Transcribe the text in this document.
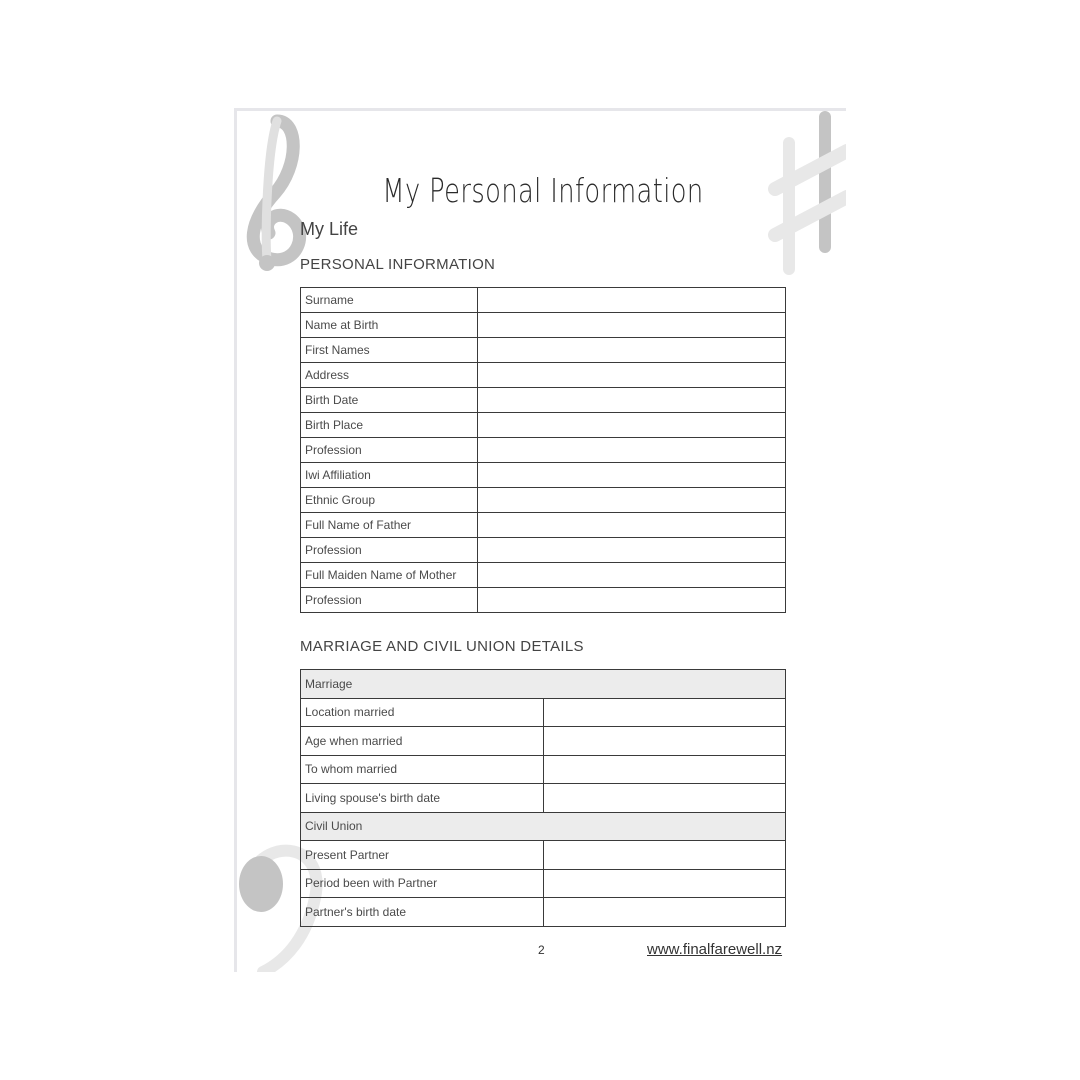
My Personal Information
My Life
PERSONAL INFORMATION
Surname	
Name at Birth	
First Names	
Address	
Birth Date	
Birth Place	
Profession	
Iwi Affiliation	
Ethnic Group	
Full Name of Father	
Profession	
Full Maiden Name of Mother	
Profession	
MARRIAGE AND CIVIL UNION DETAILS
Marriage	
Location married	
Age when married	
To whom married	
Living spouse's birth date	
Civil Union	
Present Partner	
Period been with Partner	
Partner's birth date	
2	www.finalfarewell.nz
